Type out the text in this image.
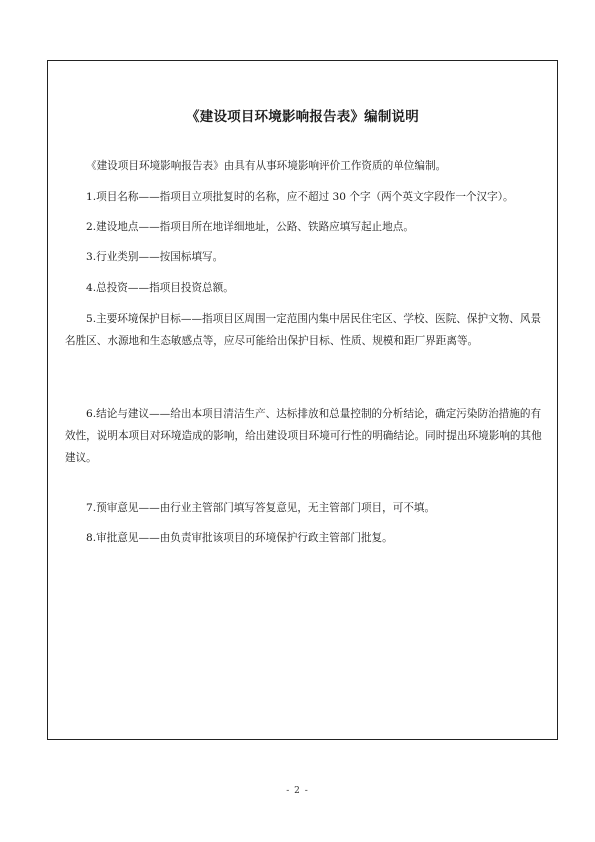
《建设项目环境影响报告表》编制说明
《建设项目环境影响报告表》由具有从事环境影响评价工作资质的单位编制。
1.项目名称——指项目立项批复时的名称，应不超过 30 个字（两个英文字段作一个汉字）。
2.建设地点——指项目所在地详细地址，公路、铁路应填写起止地点。
3.行业类别——按国标填写。
4.总投资——指项目投资总额。
5.主要环境保护目标——指项目区周围一定范围内集中居民住宅区、学校、医院、保护文物、风景名胜区、水源地和生态敏感点等，应尽可能给出保护目标、性质、规模和距厂界距离等。
6.结论与建议——给出本项目清洁生产、达标排放和总量控制的分析结论，确定污染防治措施的有效性，说明本项目对环境造成的影响，给出建设项目环境可行性的明确结论。同时提出环境影响的其他建议。
7.预审意见——由行业主管部门填写答复意见，无主管部门项目，可不填。
8.审批意见——由负责审批该项目的环境保护行政主管部门批复。
- 2 -
